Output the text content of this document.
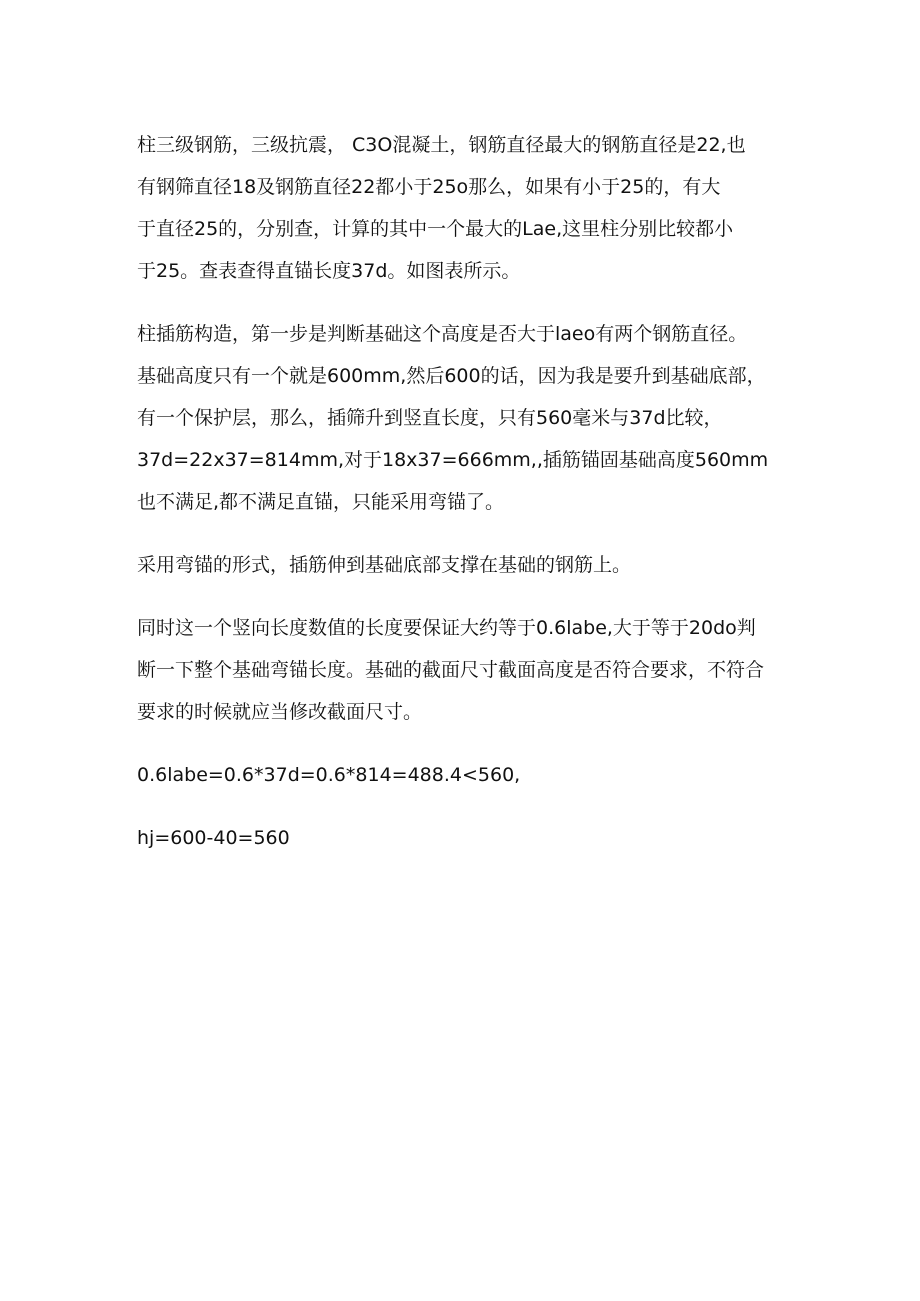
柱三级钢筋，三级抗震， C3O混凝土，钢筋直径最大的钢筋直径是22,也
有钢筛直径18及钢筋直径22都小于25o那么，如果有小于25的，有大
于直径25的，分别查，计算的其中一个最大的Lae,这里柱分别比较都小
于25。查表查得直锚长度37d。如图表所示。
柱插筋构造，第一步是判断基础这个高度是否大于laeo有两个钢筋直径。
基础高度只有一个就是600mm,然后600的话，因为我是要升到基础底部，
有一个保护层，那么，插筛升到竖直长度，只有560毫米与37d比较，
37d=22x37=814mm,对于18x37=666mm,,插筋锚固基础高度560mm
也不满足,都不满足直锚，只能采用弯锚了。
采用弯锚的形式，插筋伸到基础底部支撑在基础的钢筋上。
同时这一个竖向长度数值的长度要保证大约等于0.6labe,大于等于20do判
断一下整个基础弯锚长度。基础的截面尺寸截面高度是否符合要求，不符合
要求的时候就应当修改截面尺寸。
0.6labe=0.6*37d=0.6*814=488.4<560,
hj=600-40=560
